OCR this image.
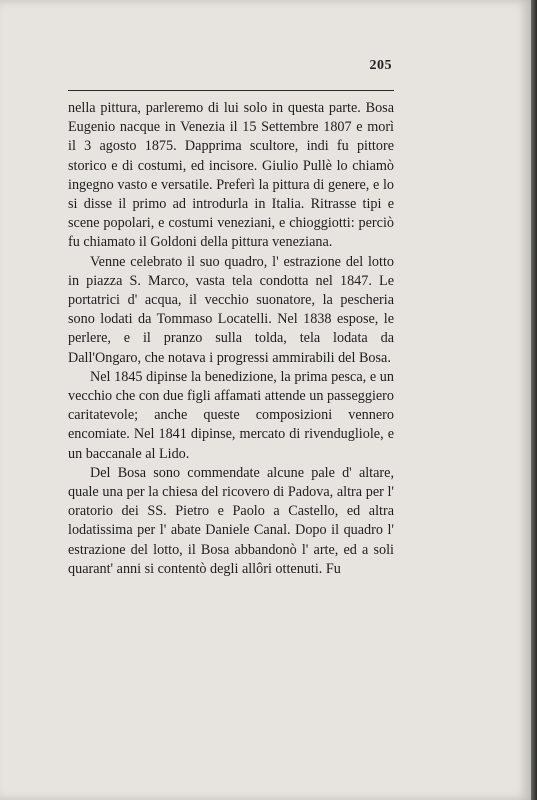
205

nella pittura, parleremo di lui solo in questa parte. Bosa Eugenio nacque in Venezia il 15 Settembre 1807 e morì il 3 agosto 1875. Dapprima scultore, indi fu pittore storico e di costumi, ed incisore. Giulio Pullè lo chiamò ingegno vasto e versatile. Preferì la pittura di genere, e lo si disse il primo ad introdurla in Italia. Ritrasse tipi e scene popolari, e costumi veneziani, e chioggiotti: perciò fu chiamato il Goldoni della pittura veneziana.

Venne celebrato il suo quadro, l' estrazione del lotto in piazza S. Marco, vasta tela condotta nel 1847. Le portatrici d' acqua, il vecchio suonatore, la pescheria sono lodati da Tommaso Locatelli. Nel 1838 espose, le perlere, e il pranzo sulla tolda, tela lodata da Dall'Ongaro, che notava i progressi ammirabili del Bosa.

Nel 1845 dipinse la benedizione, la prima pesca, e un vecchio che con due figli affamati attende un passeggiero caritatevole; anche queste composizioni vennero encomiate. Nel 1841 dipinse, mercato di rivendugliole, e un baccanale al Lido.

Del Bosa sono commendate alcune pale d' altare, quale una per la chiesa del ricovero di Padova, altra per l' oratorio dei SS. Pietro e Paolo a Castello, ed altra lodatissima per l' abate Daniele Canal. Dopo il quadro l' estrazione del lotto, il Bosa abbandonò l' arte, ed a soli quarant' anni si contentò degli allôri ottenuti. Fu
